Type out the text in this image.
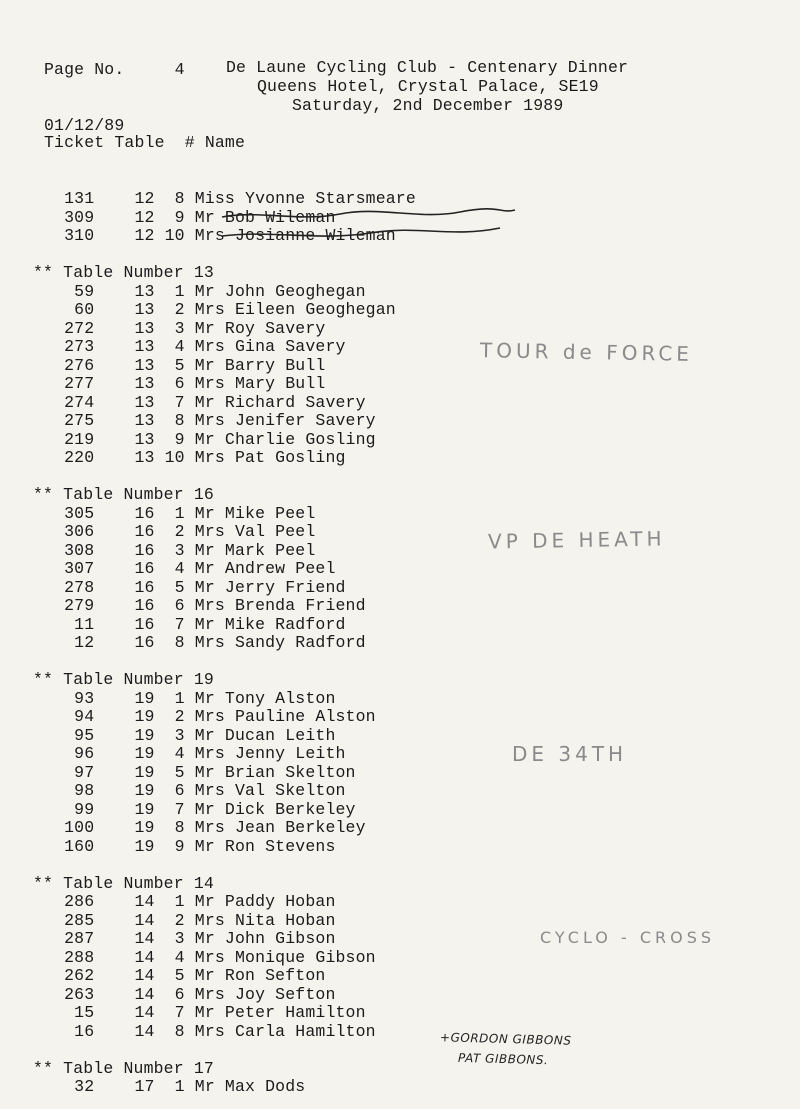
Page No.     4

01/12/89

De Laune Cycling Club - Centenary Dinner

Queens Hotel, Crystal Palace, SE19

Saturday, 2nd December 1989

Ticket Table  # Name
131    12  8 Miss Yvonne Starsmeare
309    12  9 Mr Bob Wileman
310    12 10 Mrs Josianne Wileman
** Table Number 13
59    13  1 Mr John Geoghegan
60    13  2 Mrs Eileen Geoghegan
272    13  3 Mr Roy Savery
273    13  4 Mrs Gina Savery
276    13  5 Mr Barry Bull
277    13  6 Mrs Mary Bull
274    13  7 Mr Richard Savery
275    13  8 Mrs Jenifer Savery
219    13  9 Mr Charlie Gosling
220    13 10 Mrs Pat Gosling
** Table Number 16
305    16  1 Mr Mike Peel
306    16  2 Mrs Val Peel
308    16  3 Mr Mark Peel
307    16  4 Mr Andrew Peel
278    16  5 Mr Jerry Friend
279    16  6 Mrs Brenda Friend
11    16  7 Mr Mike Radford
12    16  8 Mrs Sandy Radford
** Table Number 19
93    19  1 Mr Tony Alston
94    19  2 Mrs Pauline Alston
95    19  3 Mr Ducan Leith
96    19  4 Mrs Jenny Leith
97    19  5 Mr Brian Skelton
98    19  6 Mrs Val Skelton
99    19  7 Mr Dick Berkeley
100    19  8 Mrs Jean Berkeley
160    19  9 Mr Ron Stevens
** Table Number 14
286    14  1 Mr Paddy Hoban
285    14  2 Mrs Nita Hoban
287    14  3 Mr John Gibson
288    14  4 Mrs Monique Gibson
262    14  5 Mr Ron Sefton
263    14  6 Mrs Joy Sefton
15    14  7 Mr Peter Hamilton
16    14  8 Mrs Carla Hamilton
** Table Number 17
32    17  1 Mr Max Dods
TOUR de FORCE
VP DE HEATH
DE 34TH
CYCLO - CROSS
+GORDON GIBBONS
PAT GIBBONS.
